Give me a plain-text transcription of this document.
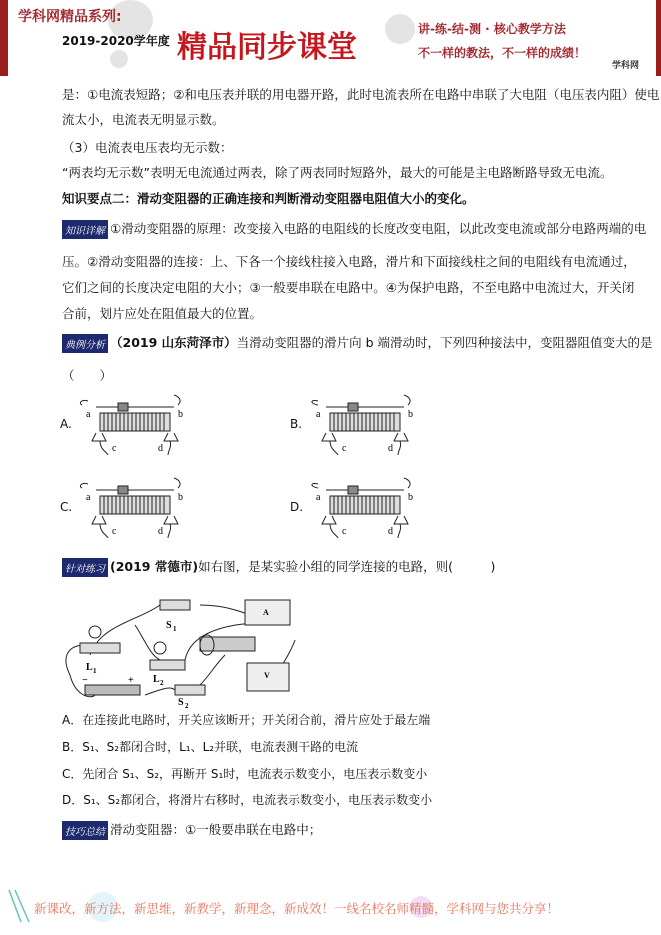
学科网精品系列:
2019-2020学年度 精品同步课堂
讲-练-结-测 · 核心教学方法
不一样的教法，不一样的成绩！
学科网
是：①电流表短路；②和电压表并联的用电器开路，此时电流表所在电路中串联了大电阻（电压表内阻）使电
流太小，电流表无明显示数。
（3）电流表电压表均无示数：
“两表均无示数”表明无电流通过两表，除了两表同时短路外，最大的可能是主电路断路导致无电流。
知识要点二：滑动变阻器的正确连接和判断滑动变阻器电阻值大小的变化。
知识详解 ①滑动变阻器的原理：改变接入电路的电阻线的长度改变电阻，以此改变电流或部分电路两端的电
压。②滑动变阻器的连接：上、下各一个接线柱接入电路，滑片和下面接线柱之间的电阻线有电流通过，
它们之间的长度决定电阻的大小；③一般要串联在电路中。④为保护电路，不至电路中电流过大，开关闭
合前，划片应处在阻值最大的位置。
典例分析 （2019 山东菏泽市）当滑动变阻器的滑片向 b 端滑动时，下列四种接法中，变阻器阻值变大的是
（　　）
A.
a	b
c	d
B.
a	b
c	d
C.
a	b
c	d
D.
a	b
c	d
针对练习 (2019 常德市)如右图，是某实验小组的同学连接的电路，则(　　　)
S 1
L 1
L 2
S 2
A
V
−	+
A．在连接此电路时，开关应该断开；开关闭合前，滑片应处于最左端
B．S₁、S₂都闭合时，L₁、L₂并联，电流表测干路的电流
C．先闭合 S₁、S₂，再断开 S₁时，电流表示数变小，电压表示数变小
D．S₁、S₂都闭合，将滑片右移时，电流表示数变小，电压表示数变小
技巧总结 滑动变阻器：①一般要串联在电路中；
新课改，新方法，新思维，新教学，新理念，新成效！一线名校名师精髓，学科网与您共分享！
